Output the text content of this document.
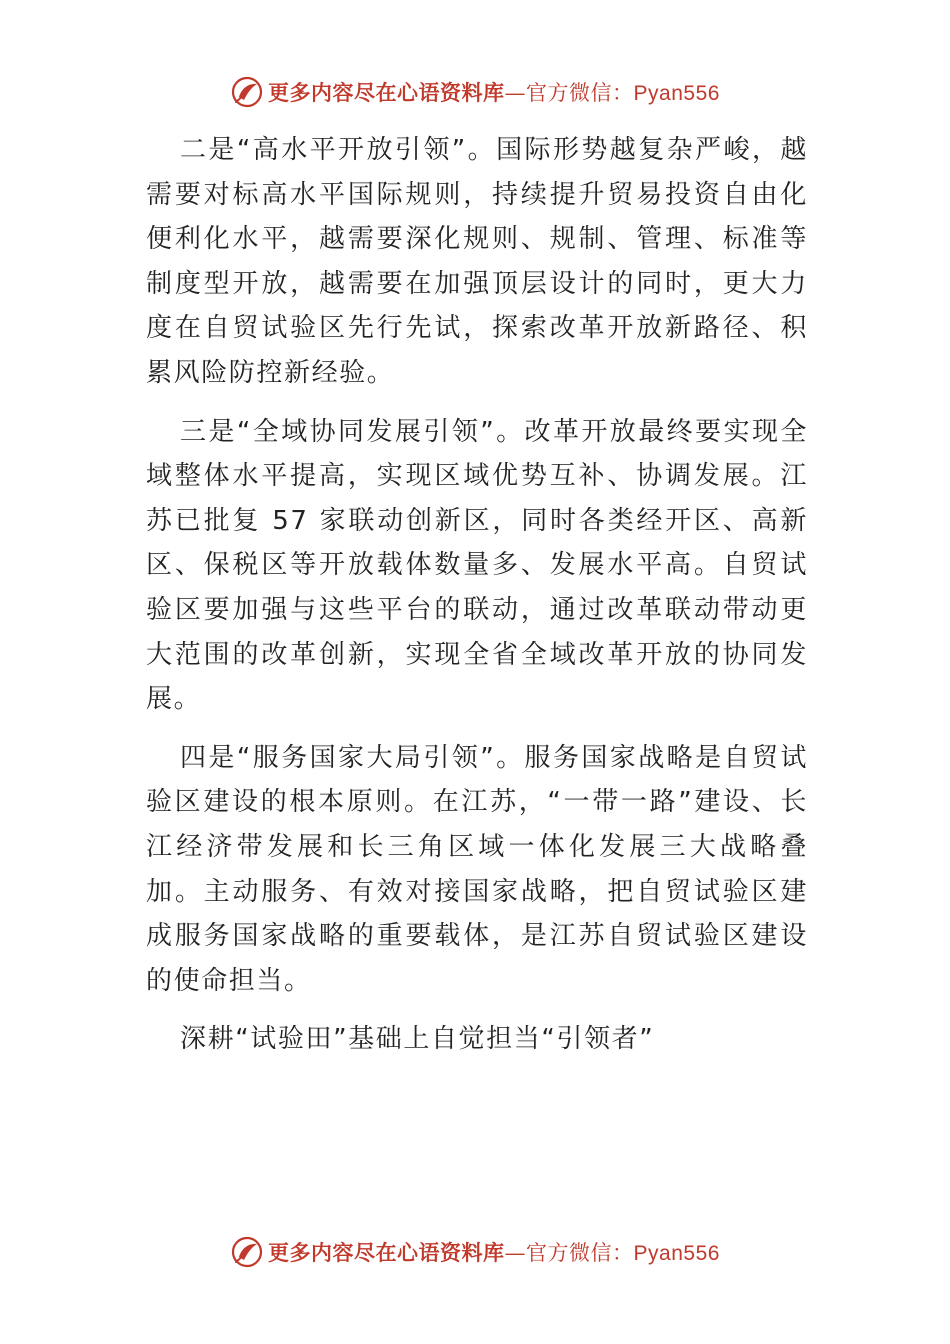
更多内容尽在心语资料库—官方微信：Pyan556

二是“高水平开放引领”。国际形势越复杂严峻，越需要对标高水平国际规则，持续提升贸易投资自由化便利化水平，越需要深化规则、规制、管理、标准等制度型开放，越需要在加强顶层设计的同时，更大力度在自贸试验区先行先试，探索改革开放新路径、积累风险防控新经验。

三是“全域协同发展引领”。改革开放最终要实现全域整体水平提高，实现区域优势互补、协调发展。江苏已批复 57 家联动创新区，同时各类经开区、高新区、保税区等开放载体数量多、发展水平高。自贸试验区要加强与这些平台的联动，通过改革联动带动更大范围的改革创新，实现全省全域改革开放的协同发展。

四是“服务国家大局引领”。服务国家战略是自贸试验区建设的根本原则。在江苏，“一带一路”建设、长江经济带发展和长三角区域一体化发展三大战略叠加。主动服务、有效对接国家战略，把自贸试验区建成服务国家战略的重要载体，是江苏自贸试验区建设的使命担当。

深耕“试验田”基础上自觉担当“引领者”

更多内容尽在心语资料库—官方微信：Pyan556
